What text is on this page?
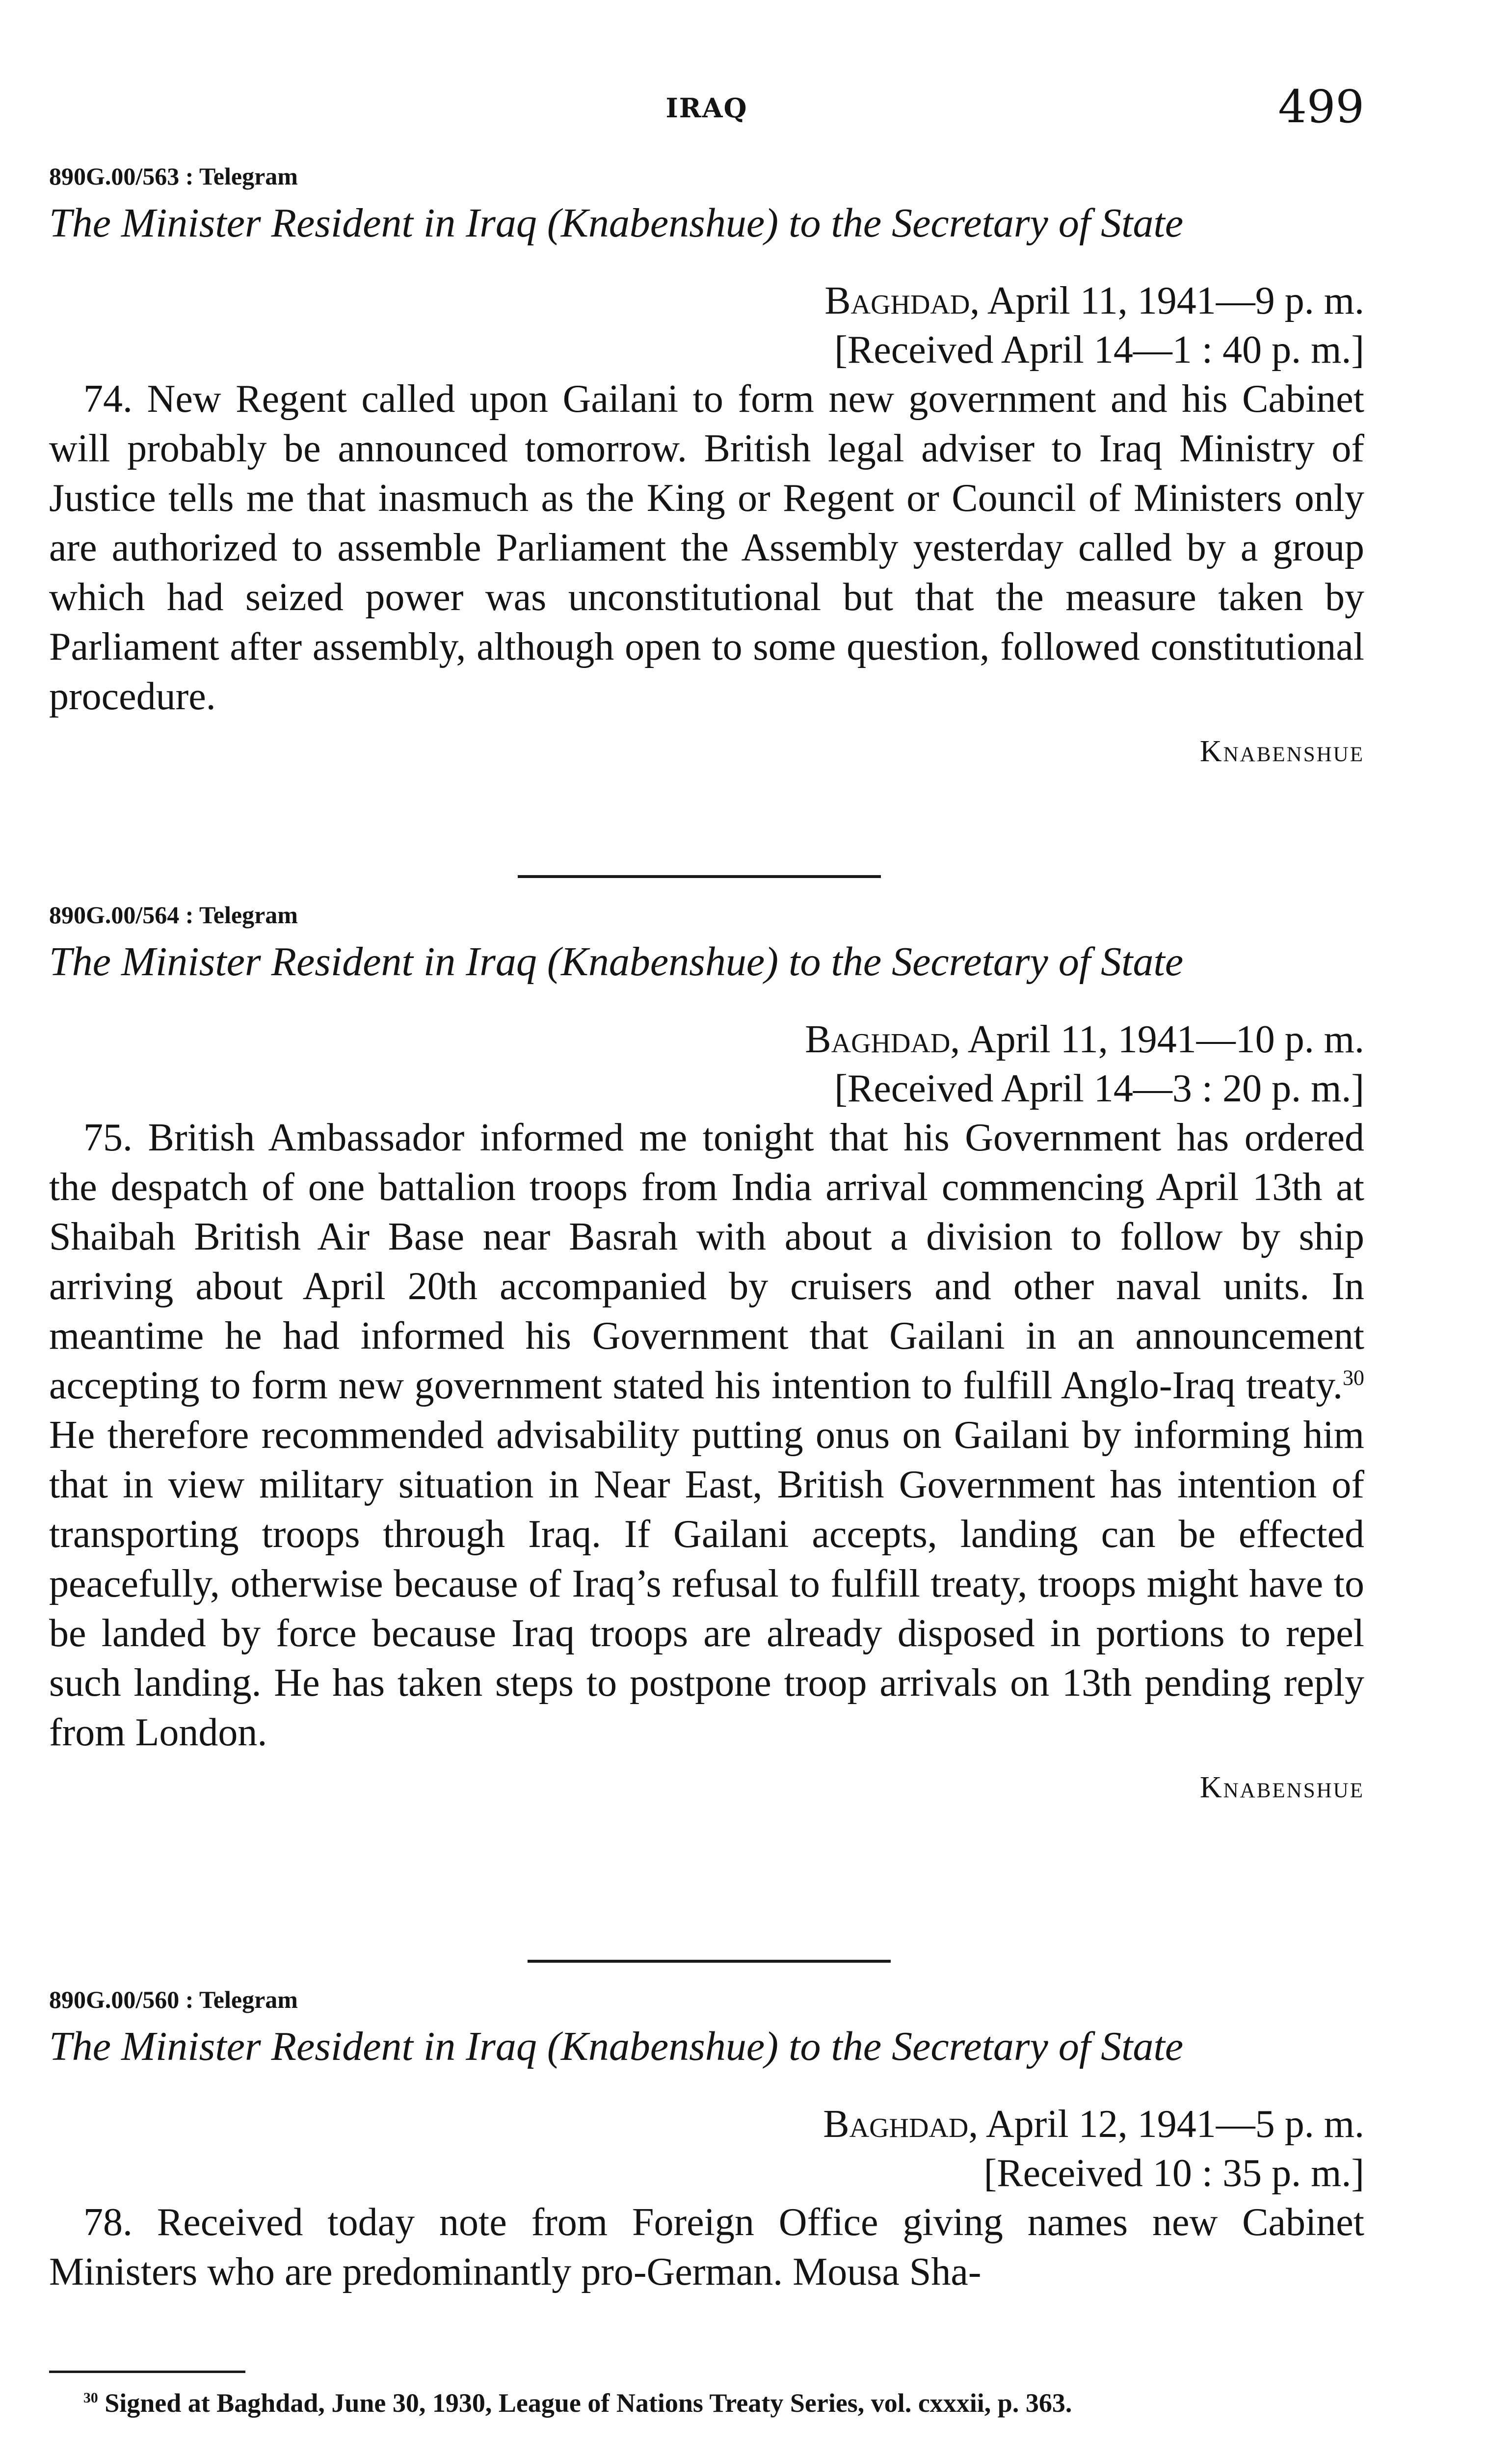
IRAQ	499
890G.00/563 : Telegram
The Minister Resident in Iraq (Knabenshue) to the Secretary of State
Baghdad, April 11, 1941—9 p. m.
[Received April 14—1 : 40 p. m.]

74. New Regent called upon Gailani to form new government and his Cabinet will probably be announced tomorrow. British legal adviser to Iraq Ministry of Justice tells me that inasmuch as the King or Regent or Council of Ministers only are authorized to assemble Parliament the Assembly yesterday called by a group which had seized power was unconstitutional but that the measure taken by Parliament after assembly, although open to some question, followed constitutional procedure.

Knabenshue
890G.00/564 : Telegram
The Minister Resident in Iraq (Knabenshue) to the Secretary of State
Baghdad, April 11, 1941—10 p. m.
[Received April 14—3 : 20 p. m.]

75. British Ambassador informed me tonight that his Government has ordered the despatch of one battalion troops from India arrival commencing April 13th at Shaibah British Air Base near Basrah with about a division to follow by ship arriving about April 20th accompanied by cruisers and other naval units. In meantime he had informed his Government that Gailani in an announcement accepting to form new government stated his intention to fulfill Anglo-Iraq treaty.$^{30}$ He therefore recommended advisability putting onus on Gailani by informing him that in view military situation in Near East, British Government has intention of transporting troops through Iraq. If Gailani accepts, landing can be effected peacefully, otherwise because of Iraq’s refusal to fulfill treaty, troops might have to be landed by force because Iraq troops are already disposed in portions to repel such landing. He has taken steps to postpone troop arrivals on 13th pending reply from London.

Knabenshue
890G.00/560 : Telegram
The Minister Resident in Iraq (Knabenshue) to the Secretary of State
Baghdad, April 12, 1941—5 p. m.
[Received 10 : 35 p. m.]

78. Received today note from Foreign Office giving names new Cabinet Ministers who are predominantly pro-German. Mousa Sha-

$^{30}$ Signed at Baghdad, June 30, 1930, League of Nations Treaty Series, vol. cxxxii, p. 363.
